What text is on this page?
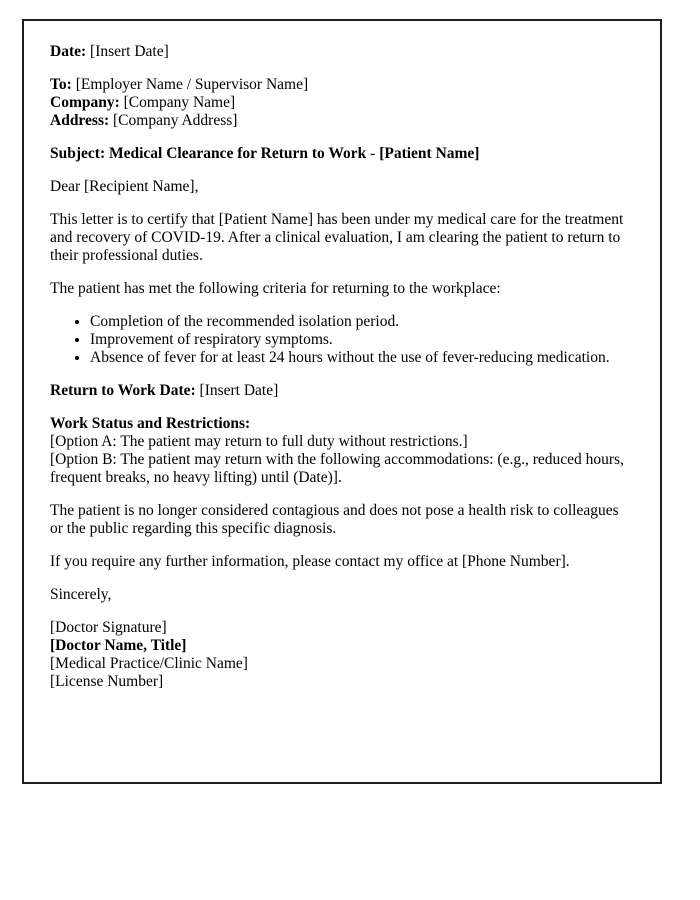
Date: [Insert Date]

To: [Employer Name / Supervisor Name]
Company: [Company Name]
Address: [Company Address]

Subject: Medical Clearance for Return to Work - [Patient Name]

Dear [Recipient Name],

This letter is to certify that [Patient Name] has been under my medical care for the treatment and recovery of COVID-19. After a clinical evaluation, I am clearing the patient to return to their professional duties.

The patient has met the following criteria for returning to the workplace:

• Completion of the recommended isolation period.
• Improvement of respiratory symptoms.
• Absence of fever for at least 24 hours without the use of fever-reducing medication.

Return to Work Date: [Insert Date]

Work Status and Restrictions:
[Option A: The patient may return to full duty without restrictions.]
[Option B: The patient may return with the following accommodations: (e.g., reduced hours, frequent breaks, no heavy lifting) until (Date)].

The patient is no longer considered contagious and does not pose a health risk to colleagues or the public regarding this specific diagnosis.

If you require any further information, please contact my office at [Phone Number].

Sincerely,

[Doctor Signature]
[Doctor Name, Title]
[Medical Practice/Clinic Name]
[License Number]
